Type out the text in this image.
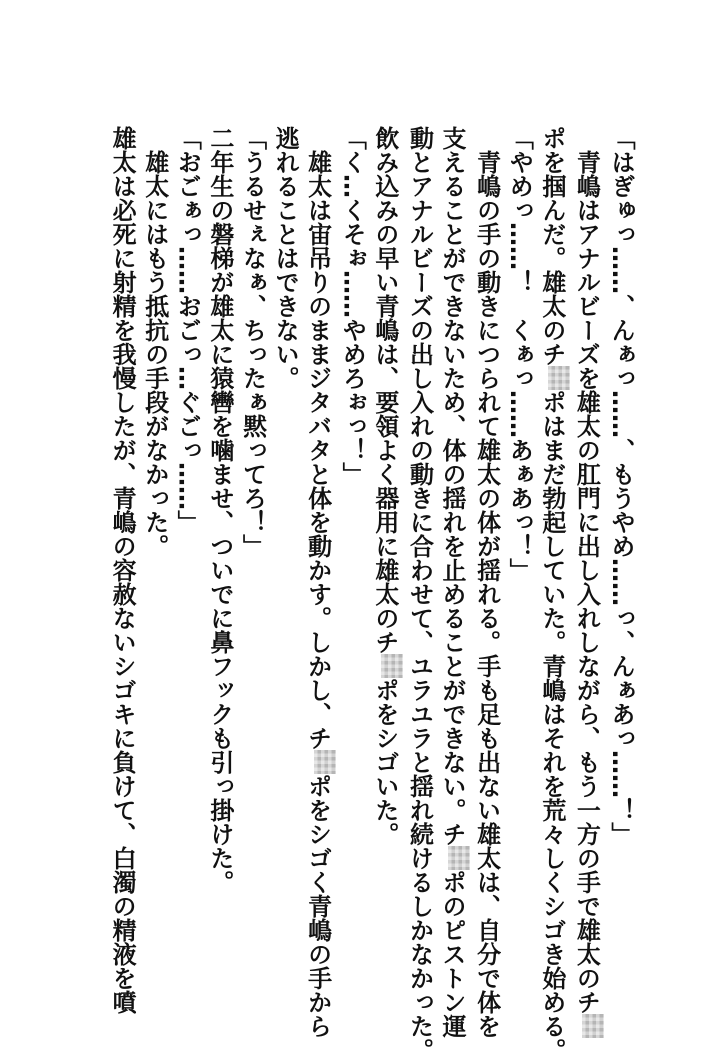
「はぎゅっ……、んぁっ……、もうやめ……っ、んぁあっ……！」
青嶋はアナルビーズを雄太の肛門に出し入れしながら、もう一方の手で雄太のチ
ポを掴んだ。雄太のチポはまだ勃起していた。青嶋はそれを荒々しくシゴき始める。
「やめっ……！　くぁっ……あぁあっ！」
青嶋の手の動きにつられて雄太の体が揺れる。手も足も出ない雄太は、自分で体を
支えることができないため、体の揺れを止めることができない。チポのピストン運
動とアナルビーズの出し入れの動きに合わせて、ユラユラと揺れ続けるしかなかった。
飲み込みの早い青嶋は、要領よく器用に雄太のチポをシゴいた。
「く…くそぉ……やめろぉっ！」
雄太は宙吊りのままジタバタと体を動かす。しかし、チポをシゴく青嶋の手から
逃れることはできない。
「うるせぇなぁ、ちったぁ黙ってろ！」
二年生の磐梯が雄太に猿轡を噛ませ、ついでに鼻フックも引っ掛けた。
「おごぁっ……おごっ…ぐごっ……」
雄太にはもう抵抗の手段がなかった。
雄太は必死に射精を我慢したが、青嶋の容赦ないシゴキに負けて、白濁の精液を噴
